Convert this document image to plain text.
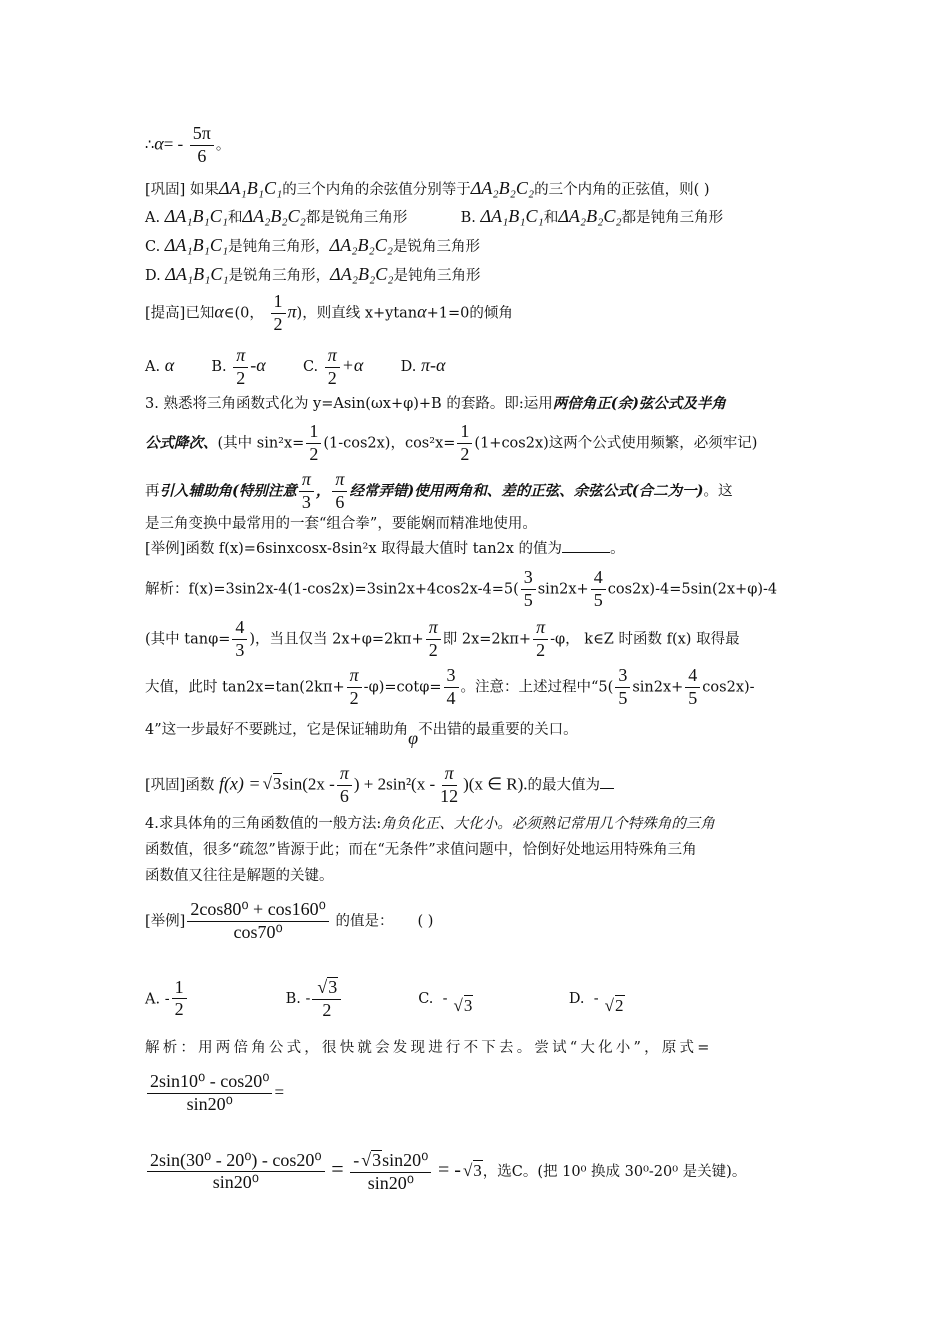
∴α= - $\frac{5\pi}{6}$ 。
[巩固] 如果ΔA₁B₁C₁的三个内角的余弦值分别等于ΔA₂B₂C₂的三个内角的正弦值，则( )
A. ΔA₁B₁C₁和ΔA₂B₂C₂都是锐角三角形	B. ΔA₁B₁C₁和ΔA₂B₂C₂都是钝角三角形
C. ΔA₁B₁C₁是钝角三角形，ΔA₂B₂C₂是锐角三角形
D. ΔA₁B₁C₁是锐角三角形，ΔA₂B₂C₂是钝角三角形
[提高]已知α∈(0， $\frac{1}{2} \pi$)，则直线 x+ytanα+1=0的倾角
A. α	B. $\frac{\pi}{2} -\alpha$	C. $\frac{\pi}{2} +\alpha$	D. π-α
3. 熟悉将三角函数式化为 y=Asin(ωx+φ)+B 的套路。即:运用两倍角正(余)弦公式及半角
公式降次、(其中 $\sin^2x= \frac{1}{2} (1-\cos 2x)$，$\cos^2x= \frac{1}{2} (1+\cos 2x)$这两个公式使用频繁，必须牢记)
再引入辅助角(特别注意 $\frac{\pi}{3}$ ， $\frac{\pi}{6}$ 经常弄错)使用两角和、差的正弦、余弦公式(合二为一)。这
是三角变换中最常用的一套“组合拳”，要能娴而精准地使用。
[举例]函数 f(x)=6sinxcosx-8sin²x 取得最大值时 tan2x 的值为	。
解析：$f(x)=3\sin 2x-4(1-\cos 2x)=3\sin 2x+4\cos 2x-4=5( \frac{3}{5} \sin 2x+ \frac{4}{5} \cos 2x)-4=5\sin(2x+\varphi)-4$
(其中 $\tan\varphi= \frac{4}{3}$ )，当且仅当 $2x+\varphi=2k\pi+ \frac{\pi}{2}$ 即 $2x=2k\pi+ \frac{\pi}{2} -\varphi$， k∈Z 时函数 f(x) 取得最
大值，此时 $\tan 2x=\tan(2k\pi+ \frac{\pi}{2} -\varphi)=\cot\varphi= \frac{3}{4}$ 。注意：上述过程中“$5( \frac{3}{5} \sin 2x+ \frac{4}{5} \cos 2x)-$
4”这一步最好不要跳过，它是保证辅助角φ不出错的最重要的关口。
[巩固]函数 f(x) = √ $3\sin(2x - \frac{\pi}{6}$ ) + $2\sin^2(x - \frac{\pi}{12} )(x$ ∈ R).的最大值为
4.求具体角的三角函数值的一般方法:角负化正、大化小。必须熟记常用几个特殊角的三角
函数值，很多“疏忽”皆源于此；而在“无条件”求值问题中，恰倒好处地运用特殊角三角
函数值又往往是解题的关键。
[举例] $\frac{\text{2cos80⁰ + cos160⁰}}{\text{cos70⁰}}$ 的值是： ( )
A. - $\frac{1}{2}$	B. - √ $\frac{3}{2}$	C. - √ 3	D. - √ 2
解析：用两倍角公式，很快就会发现进行不下去。尝试“大化小”，原式=
$\frac{\text{2sin10⁰ - cos20⁰}}{\text{sin20⁰}}$ =
$\frac{\text{2sin(30⁰ - 20⁰) - cos20⁰}}{\text{sin20⁰}} = \frac{\text{- √ 3sin20⁰}}{\text{sin20⁰}}$ = - √ 3，选C。(把 10⁰ 换成 30⁰-20⁰ 是关键)。
